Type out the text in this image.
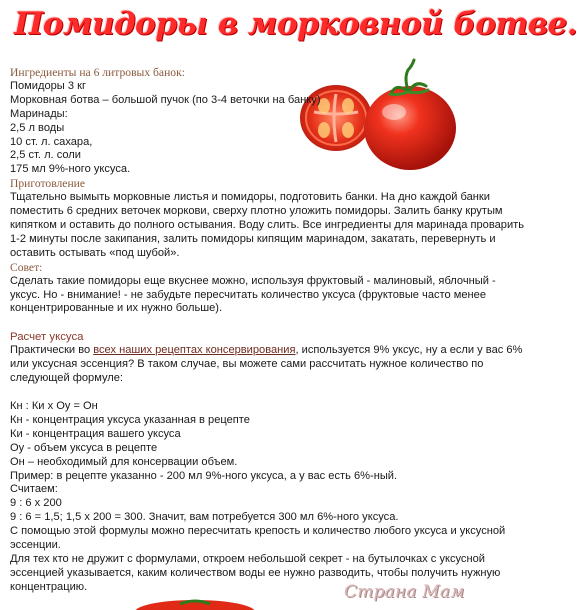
Помидоры в морковной ботве.

Ингредиенты на 6 литровых банок:

Помидоры 3 кг

Морковная ботва – большой пучок (по 3-4 веточки на банку)

Маринады:

2,5 л воды

10 ст. л. сахара,

2,5 ст. л. соли

175 мл 9%-ного уксуса.

Приготовление

Тщательно вымыть морковные листья и помидоры, подготовить банки. На дно каждой банки

поместить 6 средних веточек моркови, сверху плотно уложить помидоры. Залить банку крутым

кипятком и оставить до полного остывания. Воду слить. Все ингредиенты для маринада проварить

1-2 минуты после закипания, залить помидоры кипящим маринадом, закатать, перевернуть и

оставить остывать «под шубой».

Совет:

Сделать такие помидоры еще вкуснее можно, используя фруктовый - малиновый, яблочный -

уксус. Но - внимание! - не забудьте пересчитать количество уксуса (фруктовые часто менее

концентрированные и их нужно больше).

Расчет уксуса

Практически во всех наших рецептах консервирования, используется 9% уксус, ну а если у вас 6%

или уксусная эссенция? В таком случае, вы можете сами рассчитать нужное количество по

следующей формуле:

Кн : Ки х Оу = Он

Кн - концентрация уксуса указанная в рецепте

Ки - концентрация вашего уксуса

Оу - объем уксуса в рецепте

Он – необходимый для консервации объем.

Пример: в рецепте указанно - 200 мл 9%-ного уксуса, а у вас есть 6%-ный.

Считаем:

9 : 6 х 200

9 : 6 = 1,5; 1,5 х 200 = 300. Значит, вам потребуется 300 мл 6%-ного уксуса.

С помощью этой формулы можно пересчитать крепость и количество любого уксуса и уксусной

эссенции.

Для тех кто не дружит с формулами, откроем небольшой секрет - на бутылочках с уксусной

эссенцией указывается, каким количеством воды ее нужно разводить, чтобы получить нужную

концентрацию.	Страна Мам
